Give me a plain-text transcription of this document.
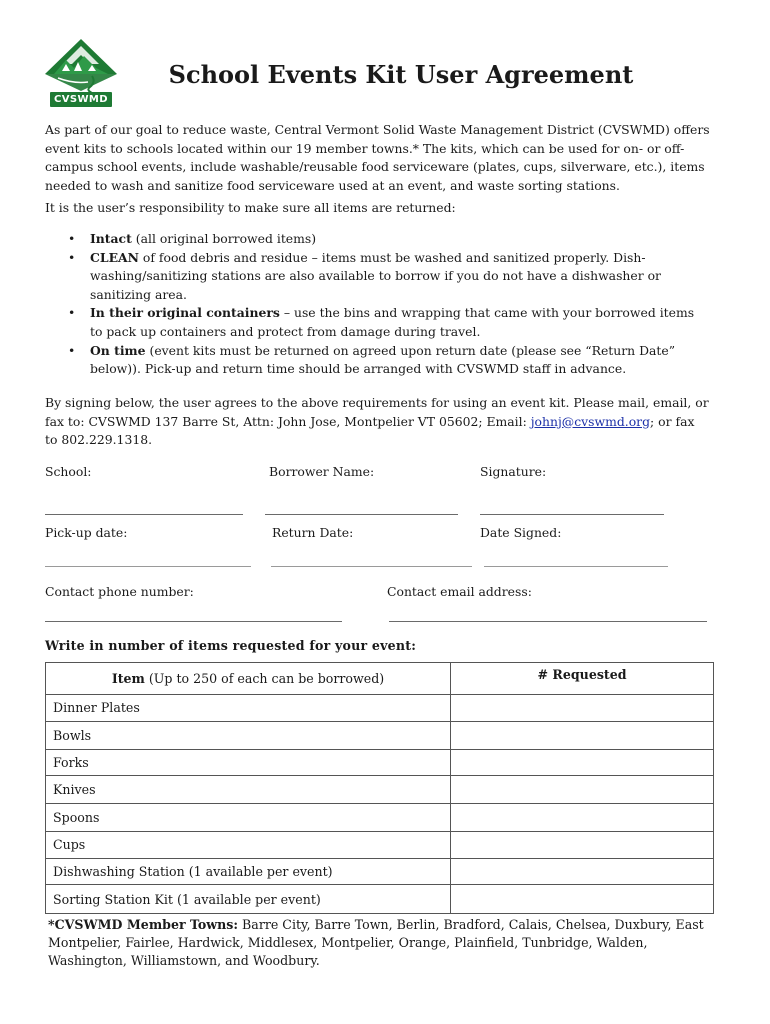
CVSWMD
School Events Kit User Agreement
As part of our goal to reduce waste, Central Vermont Solid Waste Management District (CVSWMD) offers event kits to schools located within our 19 member towns.* The kits, which can be used for on- or off-campus school events, include washable/reusable food serviceware (plates, cups, silverware, etc.), items needed to wash and sanitize food serviceware used at an event, and waste sorting stations.
It is the user’s responsibility to make sure all items are returned:
• Intact (all original borrowed items)
• CLEAN of food debris and residue – items must be washed and sanitized properly. Dish-washing/sanitizing stations are also available to borrow if you do not have a dishwasher or sanitizing area.
• In their original containers – use the bins and wrapping that came with your borrowed items to pack up containers and protect from damage during travel.
• On time (event kits must be returned on agreed upon return date (please see “Return Date” below)). Pick-up and return time should be arranged with CVSWMD staff in advance.
By signing below, the user agrees to the above requirements for using an event kit. Please mail, email, or fax to: CVSWMD 137 Barre St, Attn: John Jose, Montpelier VT 05602; Email: johnj@cvswmd.org; or fax to 802.229.1318.
School:	Borrower Name:	Signature:
Pick-up date:	Return Date:	Date Signed:
Contact phone number:	Contact email address:
Write in number of items requested for your event:
Item (Up to 250 of each can be borrowed)	# Requested
Dinner Plates	
Bowls	
Forks	
Knives	
Spoons	
Cups	
Dishwashing Station (1 available per event)	
Sorting Station Kit (1 available per event)	
*CVSWMD Member Towns: Barre City, Barre Town, Berlin, Bradford, Calais, Chelsea, Duxbury, East Montpelier, Fairlee, Hardwick, Middlesex, Montpelier, Orange, Plainfield, Tunbridge, Walden, Washington, Williamstown, and Woodbury.
